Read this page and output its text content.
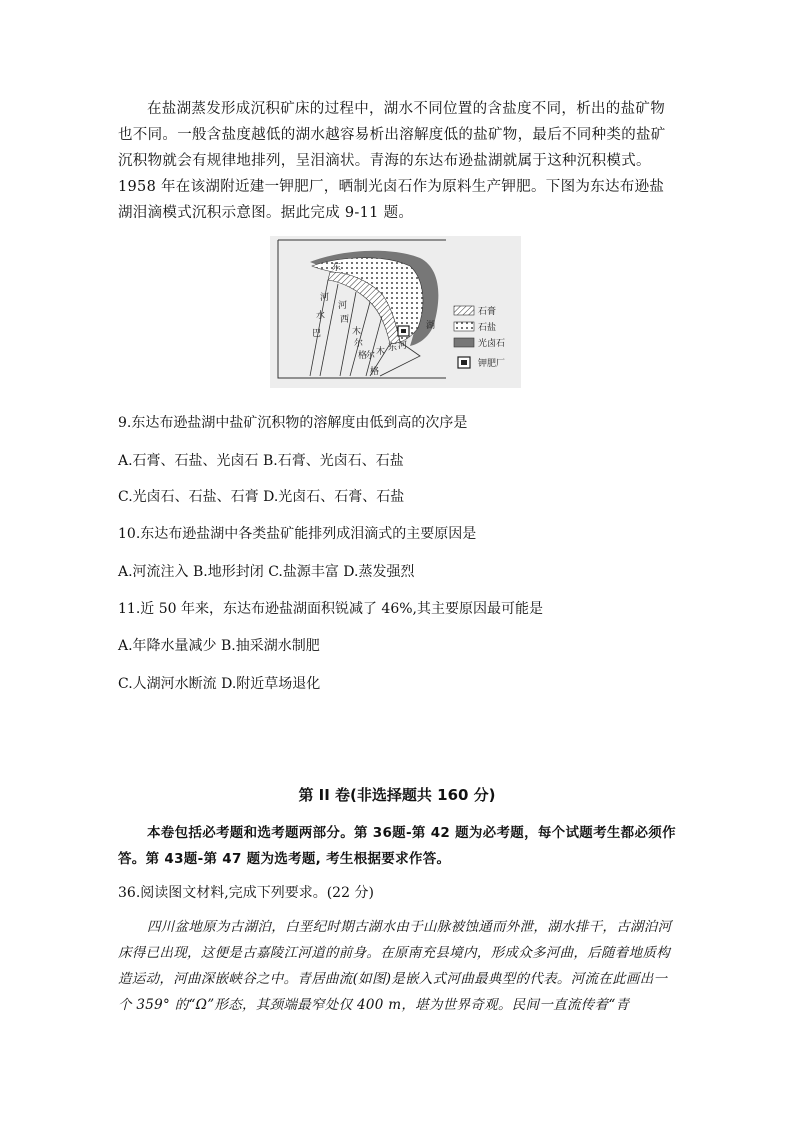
在盐湖蒸发形成沉积矿床的过程中，湖水不同位置的含盐度不同，析出的盐矿物也不同。一般含盐度越低的湖水越容易析出溶解度低的盐矿物，最后不同种类的盐矿沉积物就会有规律地排列，呈泪滴状。青海的东达布逊盐湖就属于这种沉积模式。1958 年在该湖附近建一钾肥厂，晒制光卤石作为原料生产钾肥。下图为东达布逊盐湖泪滴模式沉积示意图。据此完成 9-11 题。
河
水
巴
河
西
木
尔
格
尔 木 东 河
格
湖
东
石膏
石盐
光卤石
钾肥厂
9.东达布逊盐湖中盐矿沉积物的溶解度由低到高的次序是
A.石膏、石盐、光卤石 B.石膏、光卤石、石盐
C.光卤石、石盐、石膏 D.光卤石、石膏、石盐
10.东达布逊盐湖中各类盐矿能排列成泪滴式的主要原因是
A.河流注入 B.地形封闭 C.盐源丰富 D.蒸发强烈
11.近 50 年来，东达布逊盐湖面积锐减了 46%,其主要原因最可能是
A.年降水量减少 B.抽采湖水制肥
C.人湖河水断流 D.附近草场退化
第 II 卷(非选择题共 160 分)
本卷包括必考题和选考题两部分。第 36题-第 42 题为必考题，每个试题考生都必须作答。第 43题-第 47 题为选考题, 考生根据要求作答。
36.阅读图文材料,完成下列要求。(22 分)
四川盆地原为古湖泊，白垩纪时期古湖水由于山脉被蚀通而外泄，湖水排干，古湖泊河床得已出现，这便是古嘉陵江河道的前身。在原南充县境内，形成众多河曲，后随着地质构造运动，河曲深嵌峡谷之中。青居曲流(如图)是嵌入式河曲最典型的代表。河流在此画出一个 359° 的“Ω”形态，其颈端最窄处仅 400 m，堪为世界奇观。民间一直流传着“青
